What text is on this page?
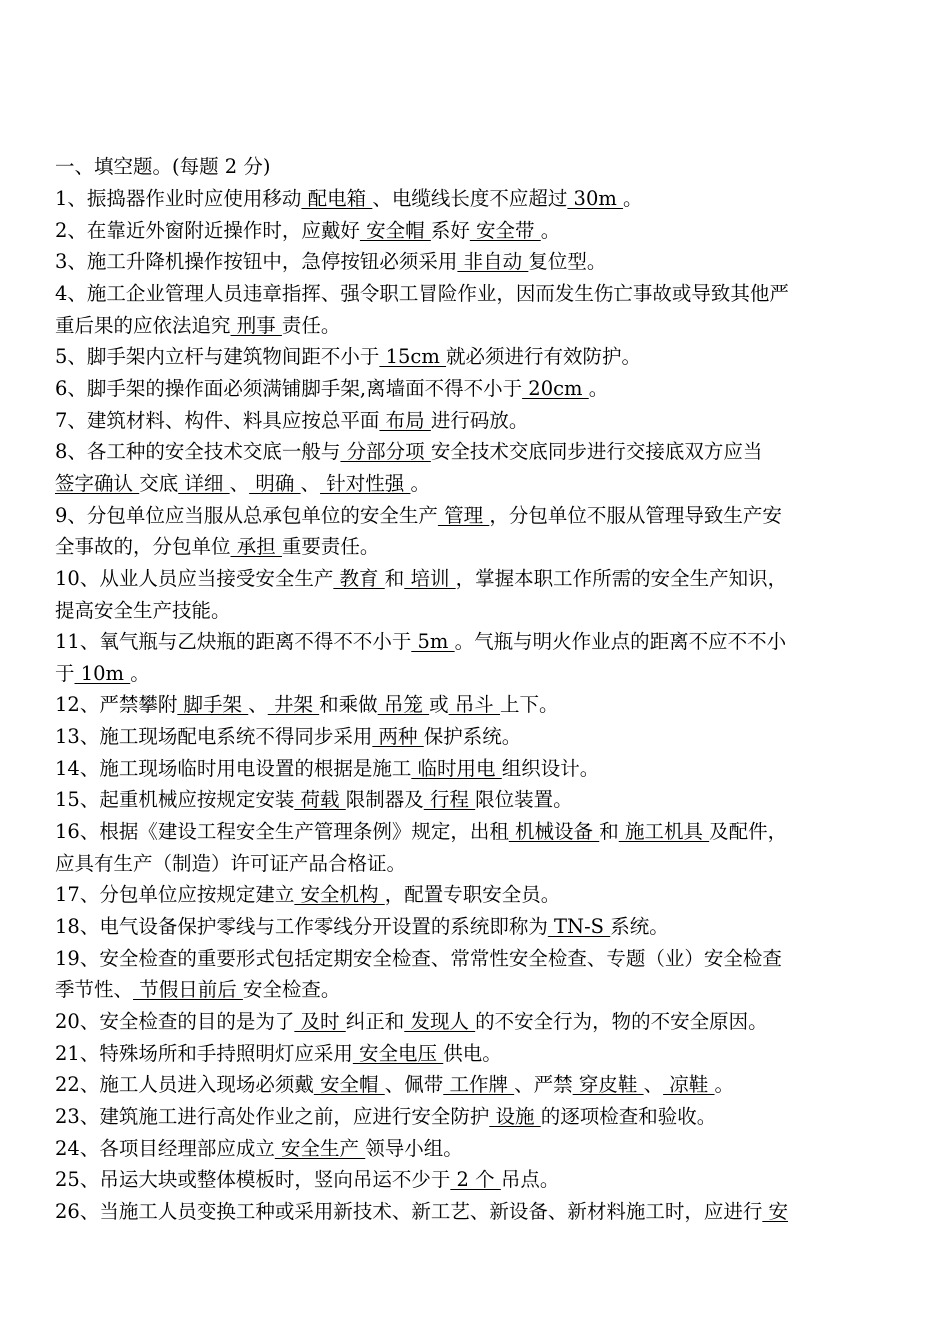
一、填空题。(每题 2 分)
1、振捣器作业时应使用移动 配电箱 、电缆线长度不应超过 30m 。
2、在靠近外窗附近操作时，应戴好 安全帽 系好 安全带 。
3、施工升降机操作按钮中，急停按钮必须采用 非自动 复位型。
4、施工企业管理人员违章指挥、强令职工冒险作业，因而发生伤亡事故或导致其他严
重后果的应依法追究 刑事 责任。
5、脚手架内立杆与建筑物间距不小于 15cm 就必须进行有效防护。
6、脚手架的操作面必须满铺脚手架,离墙面不得不小于 20cm 。
7、建筑材料、构件、料具应按总平面 布局 进行码放。
8、各工种的安全技术交底一般与 分部分项 安全技术交底同步进行交接底双方应当
签字确认 交底 详细 、 明确 、 针对性强 。
9、分包单位应当服从总承包单位的安全生产 管理 ，分包单位不服从管理导致生产安
全事故的，分包单位 承担 重要责任。
10、从业人员应当接受安全生产 教育 和 培训 ，掌握本职工作所需的安全生产知识，
提高安全生产技能。
11、氧气瓶与乙炔瓶的距离不得不不小于 5m 。气瓶与明火作业点的距离不应不不小
于 10m 。
12、严禁攀附 脚手架 、 井架 和乘做 吊笼 或 吊斗 上下。
13、施工现场配电系统不得同步采用 两种 保护系统。
14、施工现场临时用电设置的根据是施工 临时用电 组织设计。
15、起重机械应按规定安装 荷载 限制器及 行程 限位装置。
16、根据《建设工程安全生产管理条例》规定，出租 机械设备 和 施工机具 及配件，
应具有生产（制造）许可证产品合格证。
17、分包单位应按规定建立 安全机构 ，配置专职安全员。
18、电气设备保护零线与工作零线分开设置的系统即称为 TN-S 系统。
19、安全检查的重要形式包括定期安全检查、常常性安全检查、专题（业）安全检查
季节性、 节假日前后 安全检查。
20、安全检查的目的是为了 及时 纠正和 发现人 的不安全行为，物的不安全原因。
21、特殊场所和手持照明灯应采用 安全电压 供电。
22、施工人员进入现场必须戴 安全帽 、佩带 工作牌 、严禁 穿皮鞋 、 凉鞋 。
23、建筑施工进行高处作业之前，应进行安全防护 设施 的逐项检查和验收。
24、各项目经理部应成立 安全生产 领导小组。
25、吊运大块或整体模板时，竖向吊运不少于 2 个 吊点。
26、当施工人员变换工种或采用新技术、新工艺、新设备、新材料施工时，应进行 安
